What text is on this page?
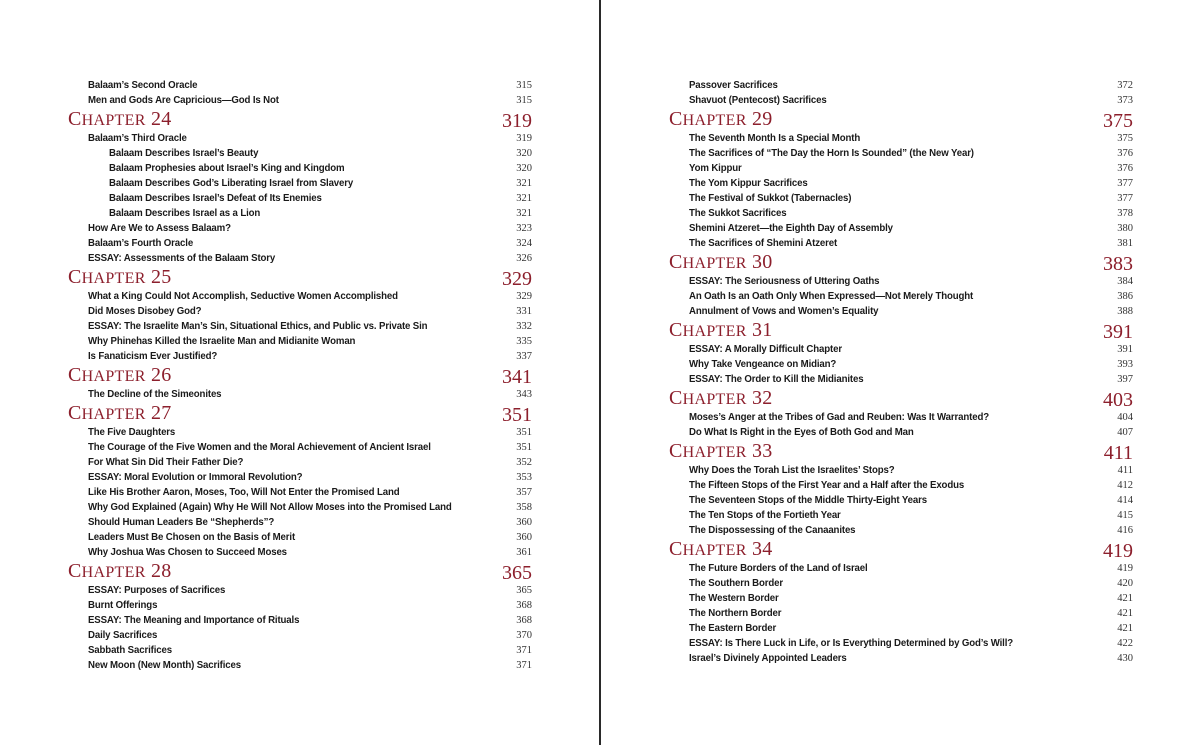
Balaam’s Second Oracle	315
Men and Gods Are Capricious—God Is Not	315
CHAPTER 24	319
Balaam’s Third Oracle	319
Balaam Describes Israel’s Beauty	320
Balaam Prophesies about Israel’s King and Kingdom	320
Balaam Describes God’s Liberating Israel from Slavery	321
Balaam Describes Israel’s Defeat of Its Enemies	321
Balaam Describes Israel as a Lion	321
How Are We to Assess Balaam?	323
Balaam’s Fourth Oracle	324
ESSAY: Assessments of the Balaam Story	326
CHAPTER 25	329
What a King Could Not Accomplish, Seductive Women Accomplished	329
Did Moses Disobey God?	331
ESSAY: The Israelite Man’s Sin, Situational Ethics, and Public vs. Private Sin	332
Why Phinehas Killed the Israelite Man and Midianite Woman	335
Is Fanaticism Ever Justified?	337
CHAPTER 26	341
The Decline of the Simeonites	343
CHAPTER 27	351
The Five Daughters	351
The Courage of the Five Women and the Moral Achievement of Ancient Israel	351
For What Sin Did Their Father Die?	352
ESSAY: Moral Evolution or Immoral Revolution?	353
Like His Brother Aaron, Moses, Too, Will Not Enter the Promised Land	357
Why God Explained (Again) Why He Will Not Allow Moses into the Promised Land	358
Should Human Leaders Be “Shepherds”?	360
Leaders Must Be Chosen on the Basis of Merit	360
Why Joshua Was Chosen to Succeed Moses	361
CHAPTER 28	365
ESSAY: Purposes of Sacrifices	365
Burnt Offerings	368
ESSAY: The Meaning and Importance of Rituals	368
Daily Sacrifices	370
Sabbath Sacrifices	371
New Moon (New Month) Sacrifices	371
Passover Sacrifices	372
Shavuot (Pentecost) Sacrifices	373
CHAPTER 29	375
The Seventh Month Is a Special Month	375
The Sacrifices of “The Day the Horn Is Sounded” (the New Year)	376
Yom Kippur	376
The Yom Kippur Sacrifices	377
The Festival of Sukkot (Tabernacles)	377
The Sukkot Sacrifices	378
Shemini Atzeret—the Eighth Day of Assembly	380
The Sacrifices of Shemini Atzeret	381
CHAPTER 30	383
ESSAY: The Seriousness of Uttering Oaths	384
An Oath Is an Oath Only When Expressed—Not Merely Thought	386
Annulment of Vows and Women’s Equality	388
CHAPTER 31	391
ESSAY: A Morally Difficult Chapter	391
Why Take Vengeance on Midian?	393
ESSAY: The Order to Kill the Midianites	397
CHAPTER 32	403
Moses’s Anger at the Tribes of Gad and Reuben: Was It Warranted?	404
Do What Is Right in the Eyes of Both God and Man	407
CHAPTER 33	411
Why Does the Torah List the Israelites’ Stops?	411
The Fifteen Stops of the First Year and a Half after the Exodus	412
The Seventeen Stops of the Middle Thirty-Eight Years	414
The Ten Stops of the Fortieth Year	415
The Dispossessing of the Canaanites	416
CHAPTER 34	419
The Future Borders of the Land of Israel	419
The Southern Border	420
The Western Border	421
The Northern Border	421
The Eastern Border	421
ESSAY: Is There Luck in Life, or Is Everything Determined by God’s Will?	422
Israel’s Divinely Appointed Leaders	430
